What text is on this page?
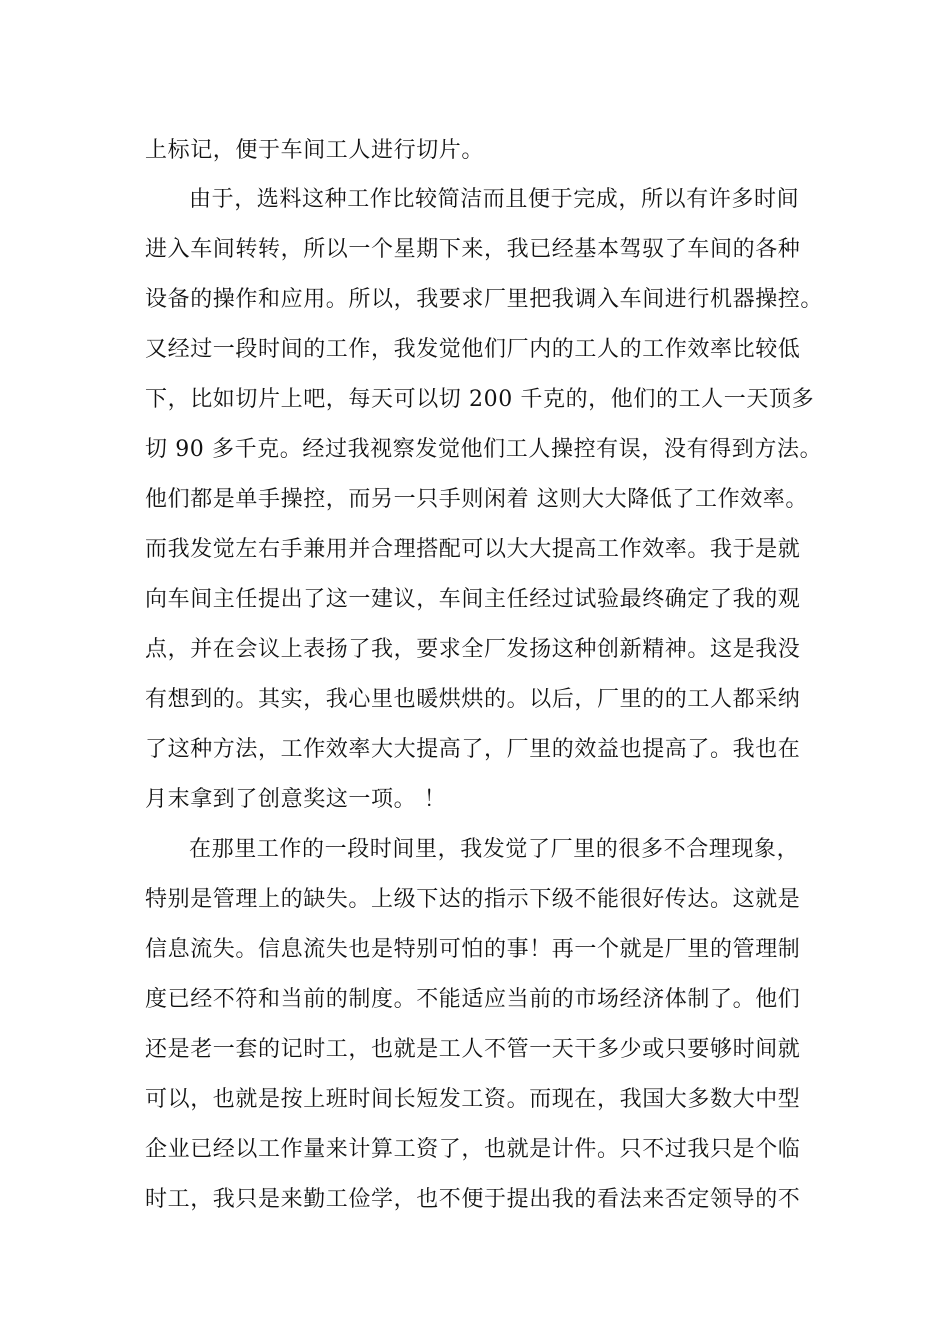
上标记，便于车间工人进行切片。
由于，选料这种工作比较简洁而且便于完成，所以有许多时间
进入车间转转，所以一个星期下来，我已经基本驾驭了车间的各种
设备的操作和应用。所以，我要求厂里把我调入车间进行机器操控。
又经过一段时间的工作，我发觉他们厂内的工人的工作效率比较低
下，比如切片上吧，每天可以切 200 千克的，他们的工人一天顶多
切 90 多千克。经过我视察发觉他们工人操控有误，没有得到方法。
他们都是单手操控，而另一只手则闲着 这则大大降低了工作效率。
而我发觉左右手兼用并合理搭配可以大大提高工作效率。我于是就
向车间主任提出了这一建议，车间主任经过试验最终确定了我的观
点，并在会议上表扬了我，要求全厂发扬这种创新精神。这是我没
有想到的。其实，我心里也暖烘烘的。以后，厂里的的工人都采纳
了这种方法，工作效率大大提高了，厂里的效益也提高了。我也在
月末拿到了创意奖这一项。 ！
在那里工作的一段时间里，我发觉了厂里的很多不合理现象，
特别是管理上的缺失。上级下达的指示下级不能很好传达。这就是
信息流失。信息流失也是特别可怕的事！再一个就是厂里的管理制
度已经不符和当前的制度。不能适应当前的市场经济体制了。他们
还是老一套的记时工，也就是工人不管一天干多少或只要够时间就
可以，也就是按上班时间长短发工资。而现在，我国大多数大中型
企业已经以工作量来计算工资了，也就是计件。只不过我只是个临
时工，我只是来勤工俭学，也不便于提出我的看法来否定领导的不
